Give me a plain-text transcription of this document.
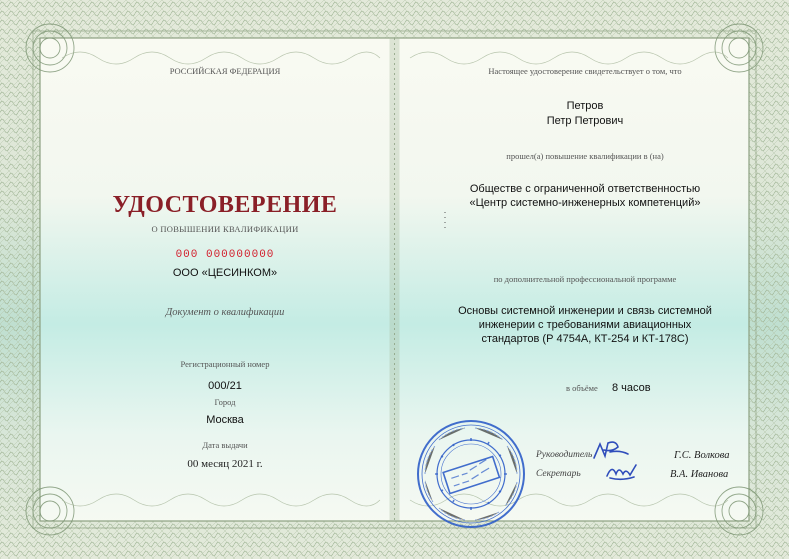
РОССИЙСКАЯ ФЕДЕРАЦИЯ
УДОСТОВЕРЕНИЕ
О ПОВЫШЕНИИ КВАЛИФИКАЦИИ
000 000000000
ООО «ЦЕСИНКОМ»
Документ о квалификации
Регистрационный номер
000/21
Город
Москва
Дата выдачи
00 месяц 2021 г.
Настоящее удостоверение свидетельствует о том, что
Петров
Петр Петрович
прошел(а) повышение квалификации в (на)
Обществе с ограниченной ответственностью
«Центр системно-инженерных компетенций»
по дополнительной профессиональной программе
Основы системной инженерии и связь системной
инженерии с требованиями авиационных
стандартов (Р 4754А, КТ-254 и КТ-178С)
в объёме 8 часов
Руководитель	Г.С. Волкова
Секретарь	В.А. Иванова
